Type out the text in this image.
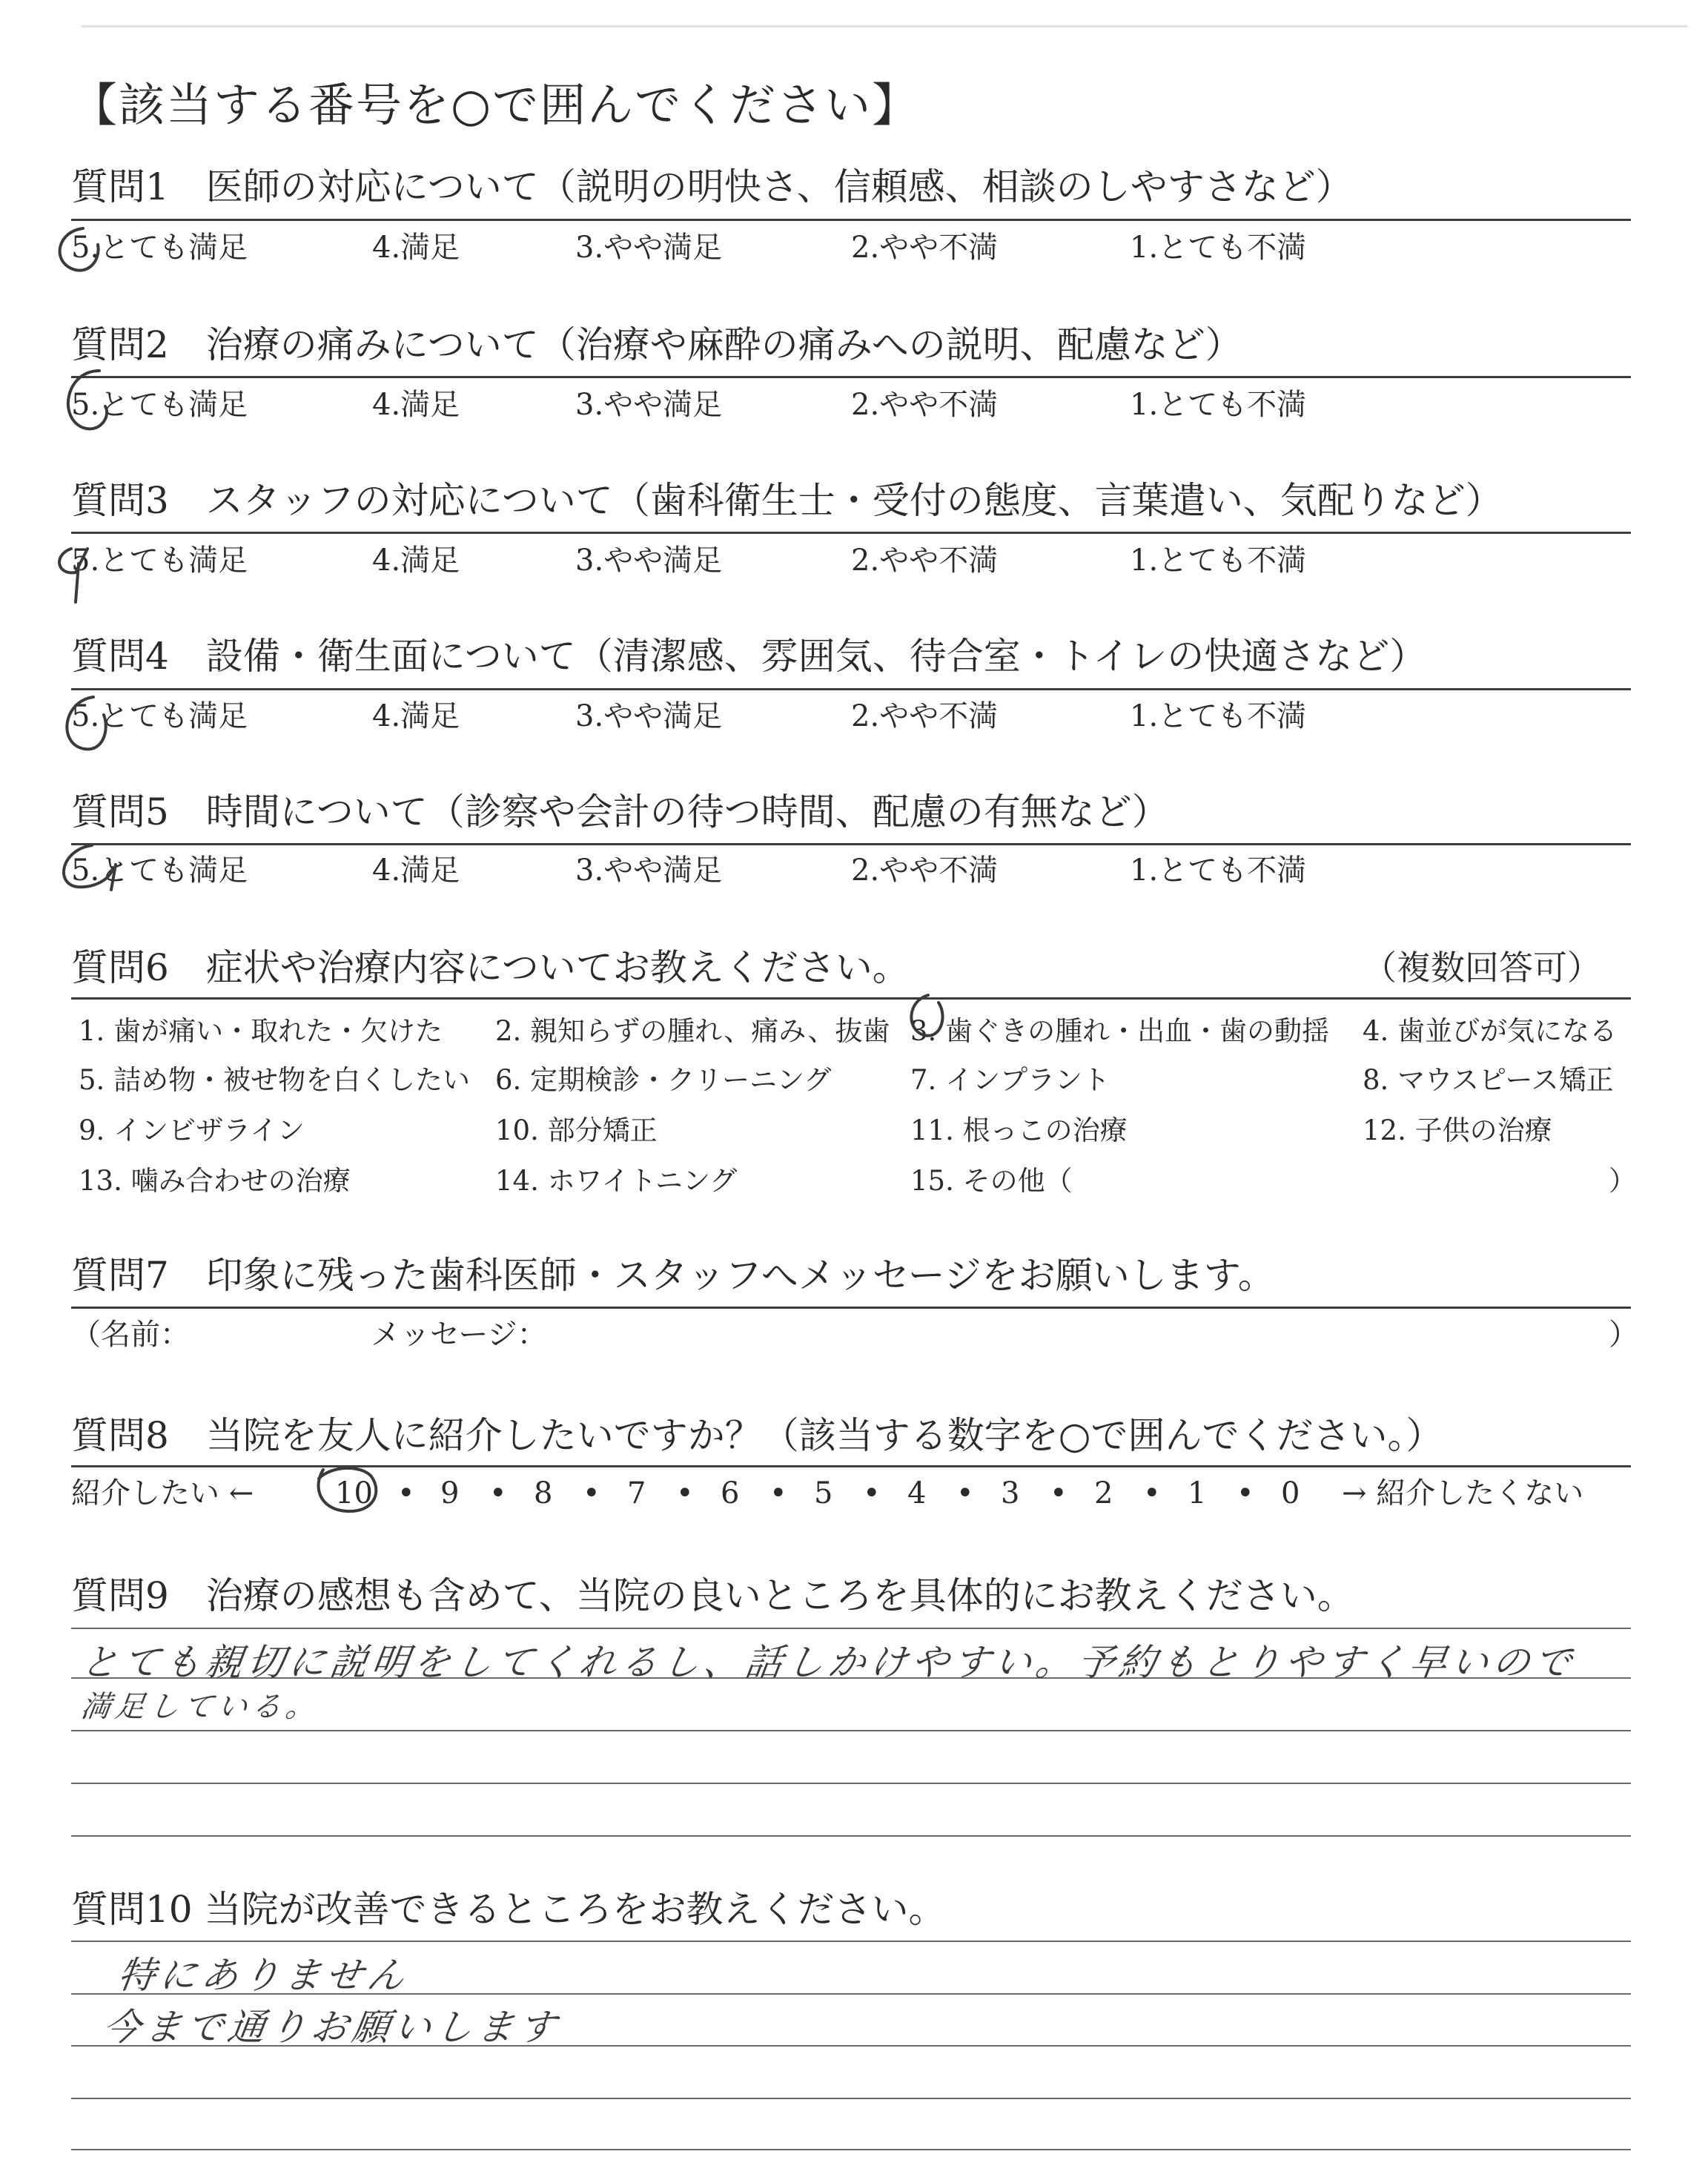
【該当する番号を○で囲んでください】
質問1　医師の対応について（説明の明快さ、信頼感、相談のしやすさなど）
5.とても満足	4.満足	3.やや満足	2.やや不満	1.とても不満
質問2　治療の痛みについて（治療や麻酔の痛みへの説明、配慮など）
5.とても満足	4.満足	3.やや満足	2.やや不満	1.とても不満
質問3　スタッフの対応について（歯科衛生士・受付の態度、言葉遣い、気配りなど）
5.とても満足	4.満足	3.やや満足	2.やや不満	1.とても不満
質問4　設備・衛生面について（清潔感、雰囲気、待合室・トイレの快適さなど）
5.とても満足	4.満足	3.やや満足	2.やや不満	1.とても不満
質問5　時間について（診察や会計の待つ時間、配慮の有無など）
5.とても満足	4.満足	3.やや満足	2.やや不満	1.とても不満
質問6　症状や治療内容についてお教えください。	（複数回答可）
1. 歯が痛い・取れた・欠けた 2. 親知らずの腫れ、痛み、抜歯 3. 歯ぐきの腫れ・出血・歯の動揺 4. 歯並びが気になる
5. 詰め物・被せ物を白くしたい 6. 定期検診・クリーニング	7. インプラント	8. マウスピース矯正
9. インビザライン	10. 部分矯正	11. 根っこの治療	12. 子供の治療
13. 噛み合わせの治療	14. ホワイトニング	15. その他（	）
質問7　印象に残った歯科医師・スタッフへメッセージをお願いします。
（名前：	メッセージ：	）
質問8　当院を友人に紹介したいですか？（該当する数字を○で囲んでください。）
紹介したい ←	10 • 9 • 8 • 7 • 6 • 5 • 4 • 3 • 2 • 1 • 0 → 紹介したくない
質問9　治療の感想も含めて、当院の良いところを具体的にお教えください。
とても親切に説明をしてくれるし、話しかけやすい。予約もとりやすく早いので
満足している。
質問10 当院が改善できるところをお教えください。
特にありません
今まで通りお願いします
